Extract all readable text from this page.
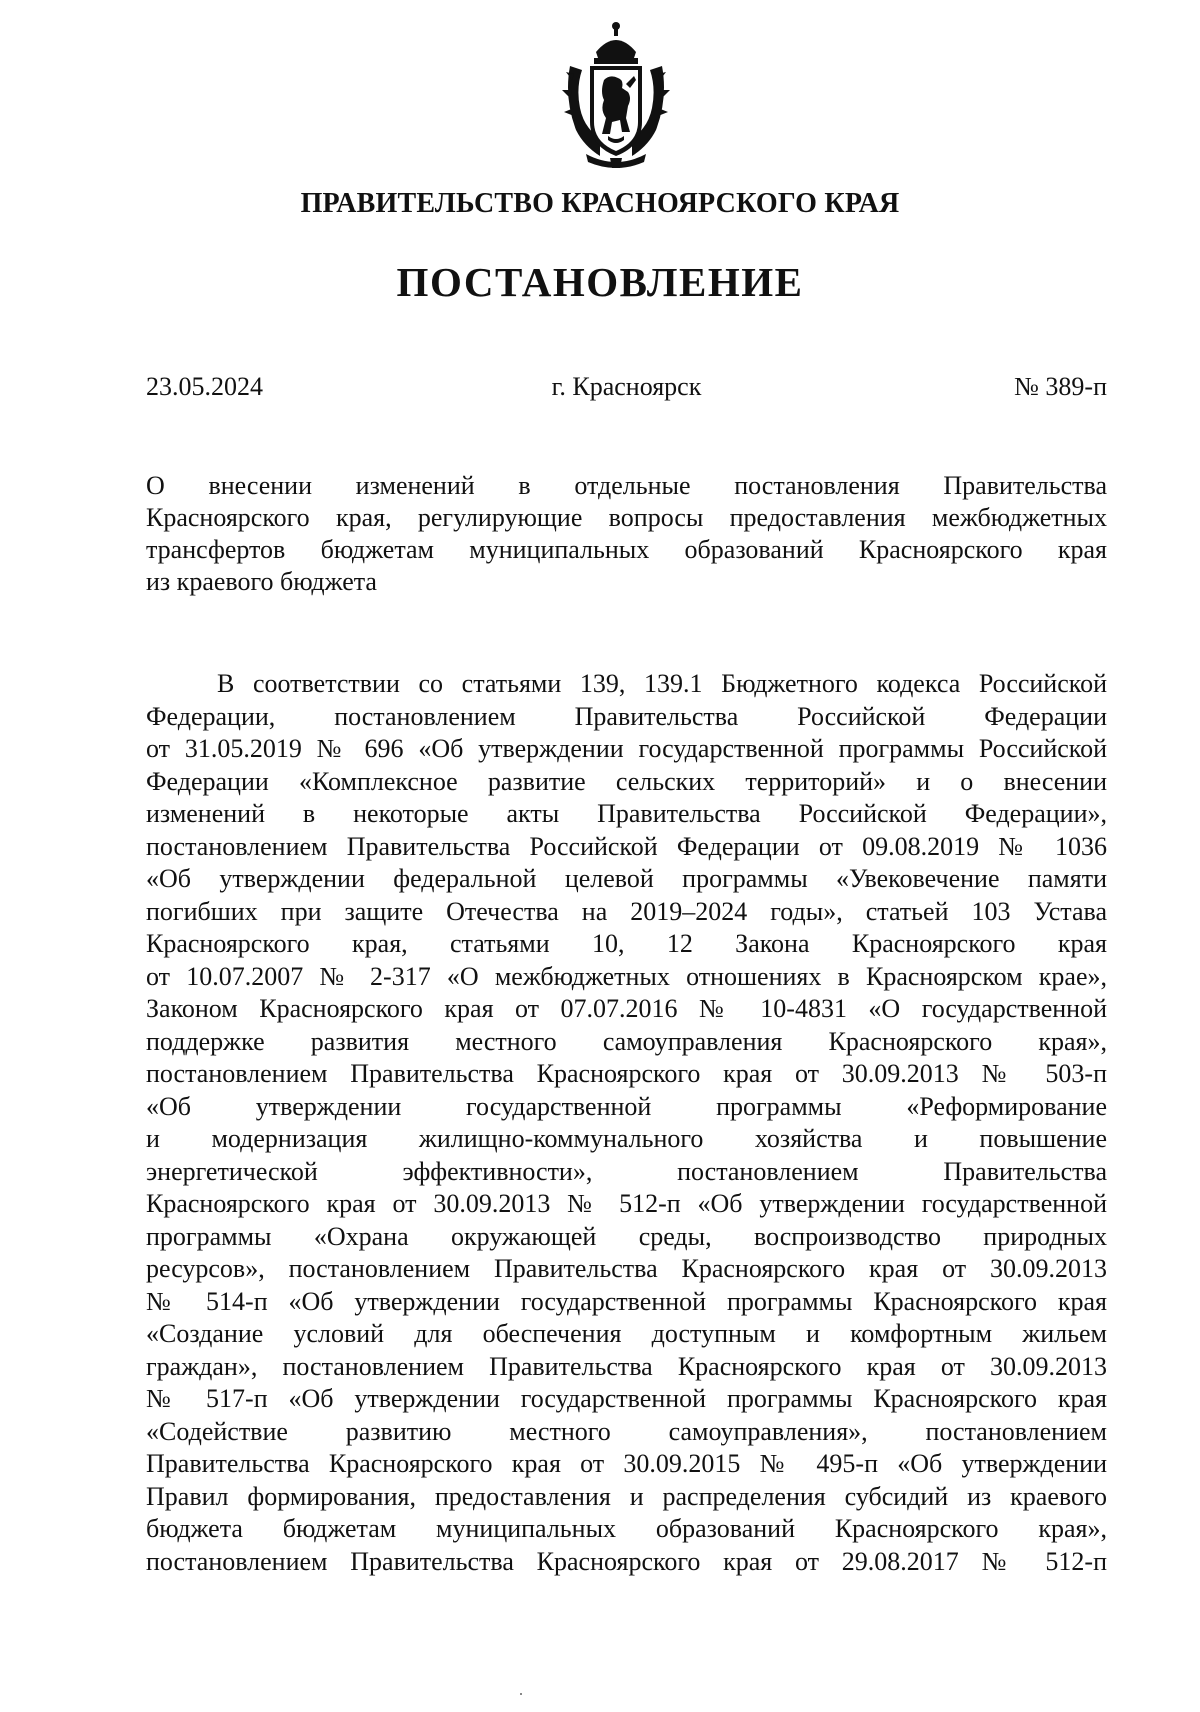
ПРАВИТЕЛЬСТВО КРАСНОЯРСКОГО КРАЯ
ПОСТАНОВЛЕНИЕ
23.05.2024	г. Красноярск	№ 389-п
О внесении изменений в отдельные постановления Правительства
Красноярского края, регулирующие вопросы предоставления межбюджетных
трансфертов бюджетам муниципальных образований Красноярского края
из краевого бюджета
В соответствии со статьями 139, 139.1 Бюджетного кодекса Российской
Федерации, постановлением Правительства Российской Федерации
от 31.05.2019 № 696 «Об утверждении государственной программы Российской
Федерации «Комплексное развитие сельских территорий» и о внесении
изменений в некоторые акты Правительства Российской Федерации»,
постановлением Правительства Российской Федерации от 09.08.2019 № 1036
«Об утверждении федеральной целевой программы «Увековечение памяти
погибших при защите Отечества на 2019–2024 годы», статьей 103 Устава
Красноярского края, статьями 10, 12 Закона Красноярского края
от 10.07.2007 № 2-317 «О межбюджетных отношениях в Красноярском крае»,
Законом Красноярского края от 07.07.2016 № 10-4831 «О государственной
поддержке развития местного самоуправления Красноярского края»,
постановлением Правительства Красноярского края от 30.09.2013 № 503-п
«Об утверждении государственной программы «Реформирование
и модернизация жилищно-коммунального хозяйства и повышение
энергетической эффективности», постановлением Правительства
Красноярского края от 30.09.2013 № 512-п «Об утверждении государственной
программы «Охрана окружающей среды, воспроизводство природных
ресурсов», постановлением Правительства Красноярского края от 30.09.2013
№ 514-п «Об утверждении государственной программы Красноярского края
«Создание условий для обеспечения доступным и комфортным жильем
граждан», постановлением Правительства Красноярского края от 30.09.2013
№ 517-п «Об утверждении государственной программы Красноярского края
«Содействие развитию местного самоуправления», постановлением
Правительства Красноярского края от 30.09.2015 № 495-п «Об утверждении
Правил формирования, предоставления и распределения субсидий из краевого
бюджета бюджетам муниципальных образований Красноярского края»,
постановлением Правительства Красноярского края от 29.08.2017 № 512-п
